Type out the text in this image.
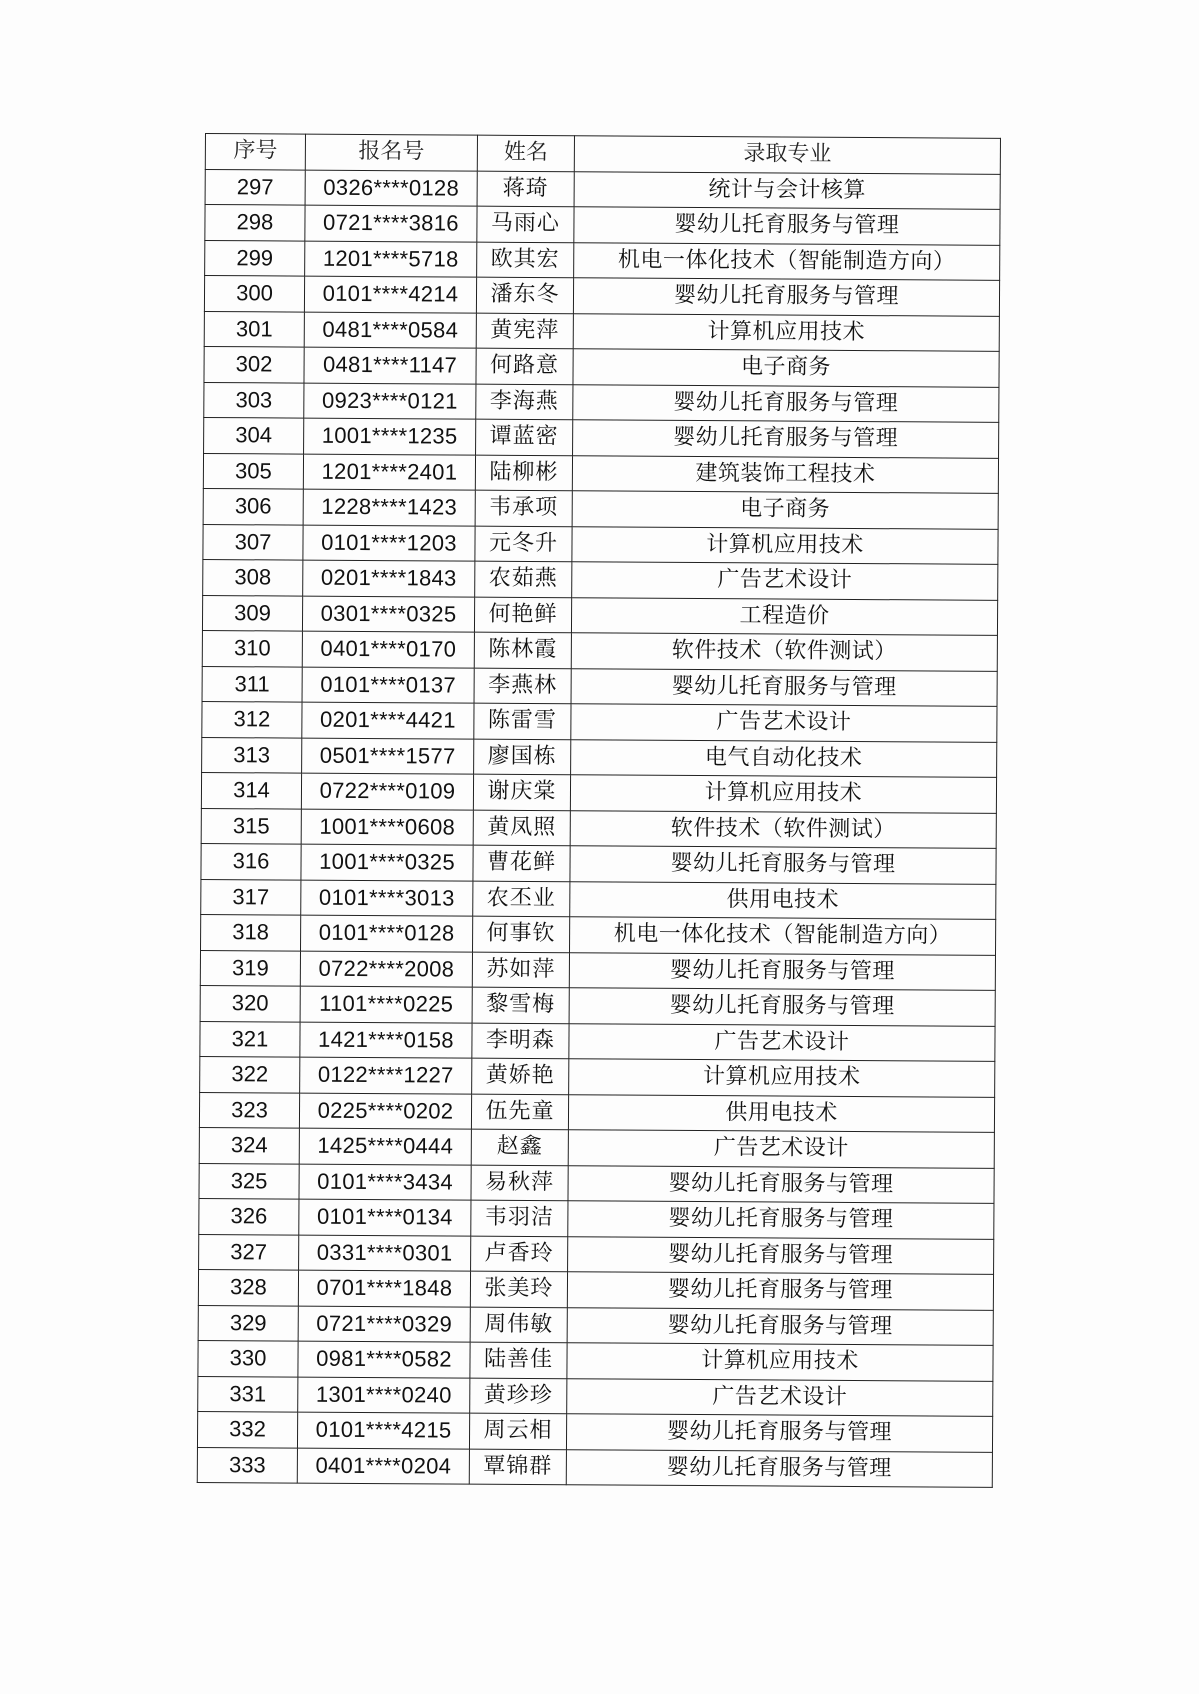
序号	报名号	姓名	录取专业
297	0326****0128	蒋琦	统计与会计核算
298	0721****3816	马雨心	婴幼儿托育服务与管理
299	1201****5718	欧其宏	机电一体化技术（智能制造方向）
300	0101****4214	潘东冬	婴幼儿托育服务与管理
301	0481****0584	黄宪萍	计算机应用技术
302	0481****1147	何路意	电子商务
303	0923****0121	李海燕	婴幼儿托育服务与管理
304	1001****1235	谭蓝密	婴幼儿托育服务与管理
305	1201****2401	陆柳彬	建筑装饰工程技术
306	1228****1423	韦承项	电子商务
307	0101****1203	元冬升	计算机应用技术
308	0201****1843	农茹燕	广告艺术设计
309	0301****0325	何艳鲜	工程造价
310	0401****0170	陈林霞	软件技术（软件测试）
311	0101****0137	李燕林	婴幼儿托育服务与管理
312	0201****4421	陈雷雪	广告艺术设计
313	0501****1577	廖国栋	电气自动化技术
314	0722****0109	谢庆棠	计算机应用技术
315	1001****0608	黄凤照	软件技术（软件测试）
316	1001****0325	曹花鲜	婴幼儿托育服务与管理
317	0101****3013	农丕业	供用电技术
318	0101****0128	何事钦	机电一体化技术（智能制造方向）
319	0722****2008	苏如萍	婴幼儿托育服务与管理
320	1101****0225	黎雪梅	婴幼儿托育服务与管理
321	1421****0158	李明森	广告艺术设计
322	0122****1227	黄娇艳	计算机应用技术
323	0225****0202	伍先童	供用电技术
324	1425****0444	赵鑫	广告艺术设计
325	0101****3434	易秋萍	婴幼儿托育服务与管理
326	0101****0134	韦羽洁	婴幼儿托育服务与管理
327	0331****0301	卢香玲	婴幼儿托育服务与管理
328	0701****1848	张美玲	婴幼儿托育服务与管理
329	0721****0329	周伟敏	婴幼儿托育服务与管理
330	0981****0582	陆善佳	计算机应用技术
331	1301****0240	黄珍珍	广告艺术设计
332	0101****4215	周云相	婴幼儿托育服务与管理
333	0401****0204	覃锦群	婴幼儿托育服务与管理
